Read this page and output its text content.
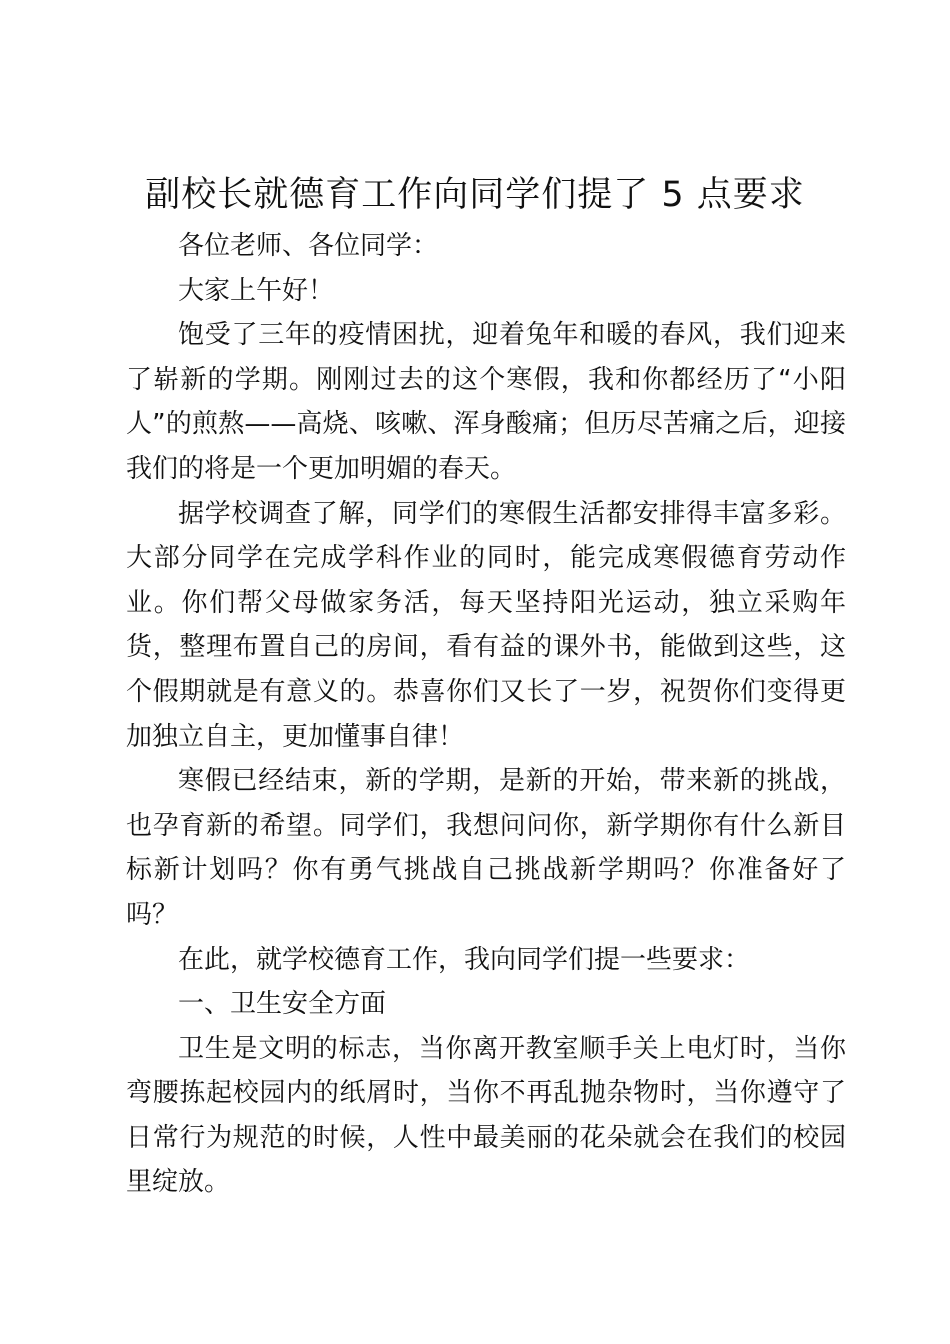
副校长就德育工作向同学们提了 5 点要求

各位老师、各位同学：

大家上午好！

饱受了三年的疫情困扰，迎着兔年和暖的春风，我们迎来了崭新的学期。刚刚过去的这个寒假，我和你都经历了“小阳人”的煎熬——高烧、咳嗽、浑身酸痛；但历尽苦痛之后，迎接我们的将是一个更加明媚的春天。

据学校调查了解，同学们的寒假生活都安排得丰富多彩。大部分同学在完成学科作业的同时，能完成寒假德育劳动作业。你们帮父母做家务活，每天坚持阳光运动，独立采购年货，整理布置自己的房间，看有益的课外书，能做到这些，这个假期就是有意义的。恭喜你们又长了一岁，祝贺你们变得更加独立自主，更加懂事自律！

寒假已经结束，新的学期，是新的开始，带来新的挑战，也孕育新的希望。同学们，我想问问你，新学期你有什么新目标新计划吗？你有勇气挑战自己挑战新学期吗？你准备好了吗？

在此，就学校德育工作，我向同学们提一些要求：

一、卫生安全方面

卫生是文明的标志，当你离开教室顺手关上电灯时，当你弯腰拣起校园内的纸屑时，当你不再乱抛杂物时，当你遵守了日常行为规范的时候，人性中最美丽的花朵就会在我们的校园里绽放。
